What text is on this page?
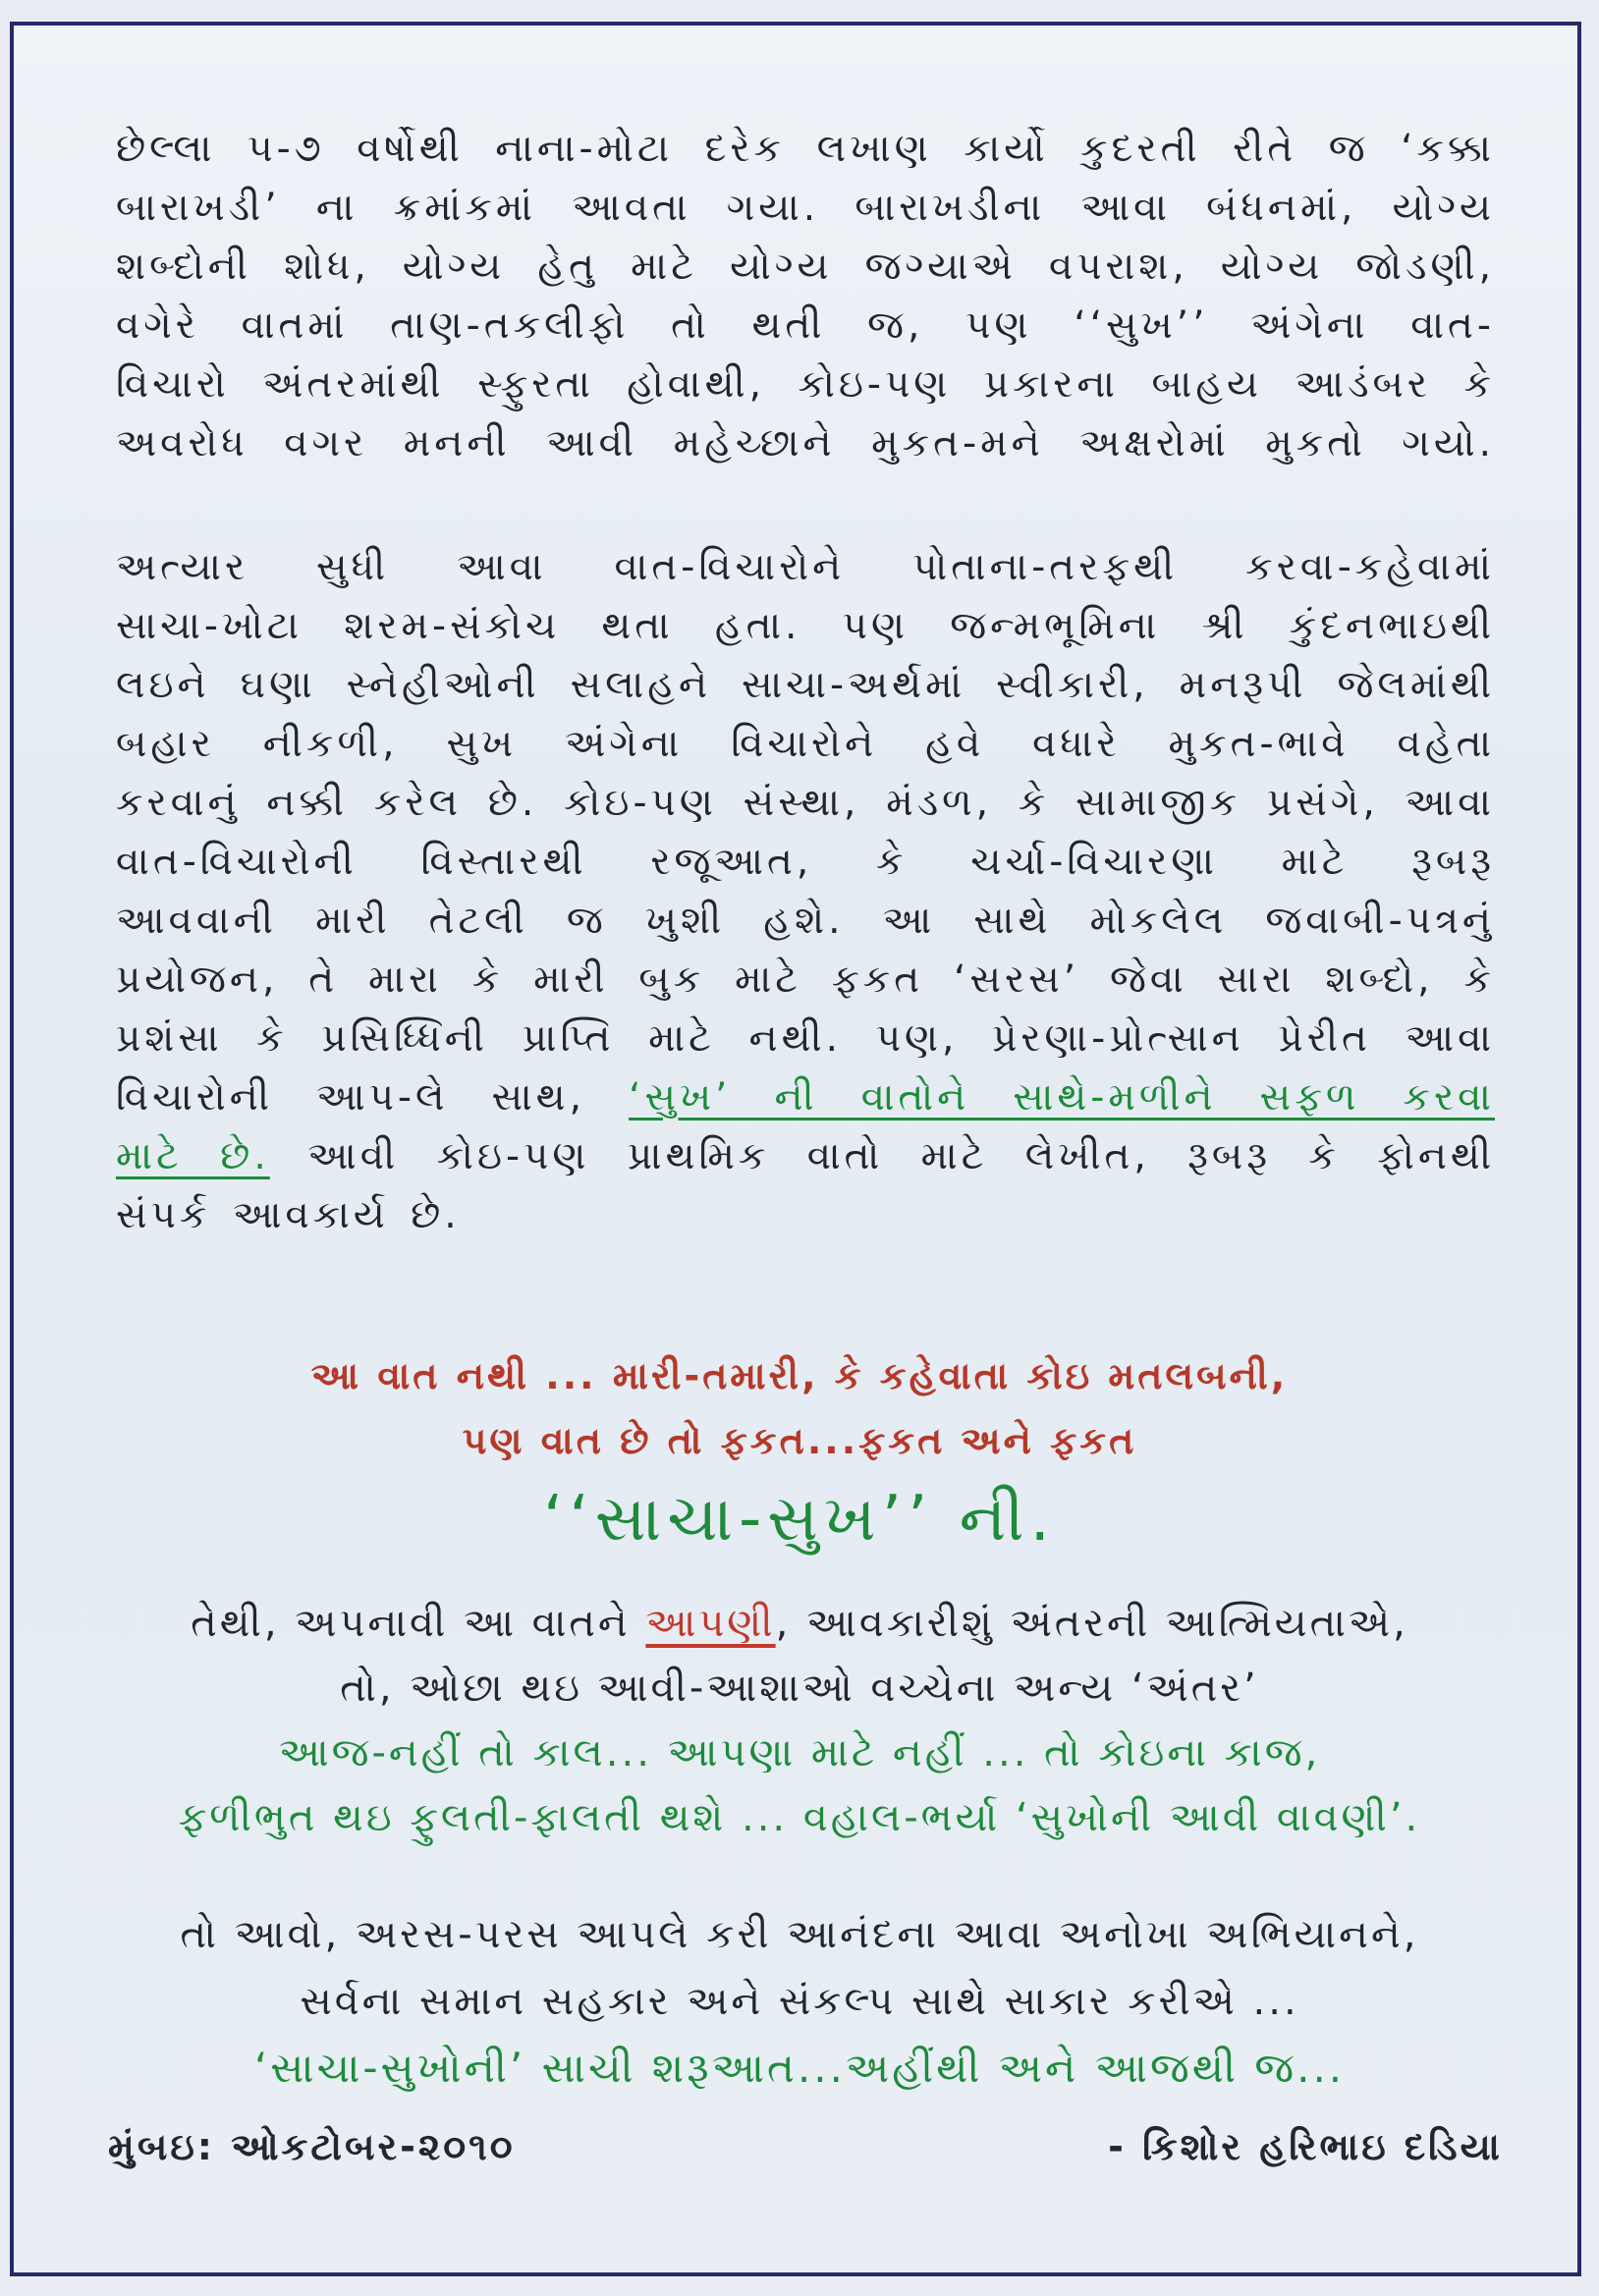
છેલ્લા ૫-૭ વર્ષોથી નાના-મોટા દરેક લખાણ કાર્યો કુદરતી રીતે જ ‘કક્કા
બારાખડી’ ના ક્રમાંકમાં આવતા ગયા. બારાખડીના આવા બંધનમાં, યોગ્ય
શબ્દોની શોધ, યોગ્ય હેતુ માટે યોગ્ય જગ્યાએ વપરાશ, યોગ્ય જોડણી,
વગેરે વાતમાં તાણ-તકલીફો તો થતી જ, પણ ‘‘સુખ’’ અંગેના વાત-
વિચારો અંતરમાંથી સ્ફુરતા હોવાથી, કોઇ-પણ પ્રકારના બાહય આડંબર કે
અવરોધ વગર મનની આવી મહેચ્છાને મુકત-મને અક્ષરોમાં મુકતો ગયો.
અત્યાર સુધી આવા વાત-વિચારોને પોતાના-તરફથી કરવા-કહેવામાં
સાચા-ખોટા શરમ-સંકોચ થતા હતા. પણ જન્મભૂમિના શ્રી કુંદનભાઇથી
લઇને ઘણા સ્નેહીઓની સલાહને સાચા-અર્થમાં સ્વીકારી, મનરૂપી જેલમાંથી
બહાર નીકળી, સુખ અંગેના વિચારોને હવે વધારે મુકત-ભાવે વહેતા
કરવાનું નક્કી કરેલ છે. કોઇ-પણ સંસ્થા, મંડળ, કે સામાજીક પ્રસંગે, આવા
વાત-વિચારોની વિસ્તારથી રજૂઆત, કે ચર્ચા-વિચારણા માટે રૂબરૂ
આવવાની મારી તેટલી જ ખુશી હશે. આ સાથે મોકલેલ જવાબી-પત્રનું
પ્રયોજન, તે મારા કે મારી બુક માટે ફકત ‘સરસ’ જેવા સારા શબ્દો, કે
પ્રશંસા કે પ્રસિધ્ધિની પ્રાપ્તિ માટે નથી. પણ, પ્રેરણા-પ્રોત્સાન પ્રેરીત આવા
વિચારોની આપ-લે સાથ, ‘સુખ’ ની વાતોને સાથે-મળીને સફળ કરવા
માટે છે. આવી કોઇ-પણ પ્રાથમિક વાતો માટે લેખીત, રૂબરૂ કે ફોનથી
સંપર્ક આવકાર્ય છે.
આ વાત નથી ... મારી-તમારી, કે કહેવાતા કોઇ મતલબની,
પણ વાત છે તો ફકત...ફકત અને ફકત
‘‘સાચા-સુખ’’ ની.
તેથી, અપનાવી આ વાતને આપણી, આવકારીશું અંતરની આત્મિયતાએ,
તો, ઓછા થઇ આવી-આશાઓ વચ્ચેના અન્ય ‘અંતર’
આજ-નહીં તો કાલ... આપણા માટે નહીં ... તો કોઇના કાજ,
ફળીભુત થઇ ફુલતી-ફાલતી થશે ... વહાલ-ભર્યા ‘સુખોની આવી વાવણી’.
તો આવો, અરસ-પરસ આપલે કરી આનંદના આવા અનોખા અભિયાનને,
સર્વના સમાન સહકાર અને સંકલ્પ સાથે સાકાર કરીએ ...
‘સાચા-સુખોની’ સાચી શરૂઆત...અહીંથી અને આજથી જ...
મુંબઇ: ઓકટોબર-૨૦૧૦	- કિશોર હરિભાઇ દડિયા
